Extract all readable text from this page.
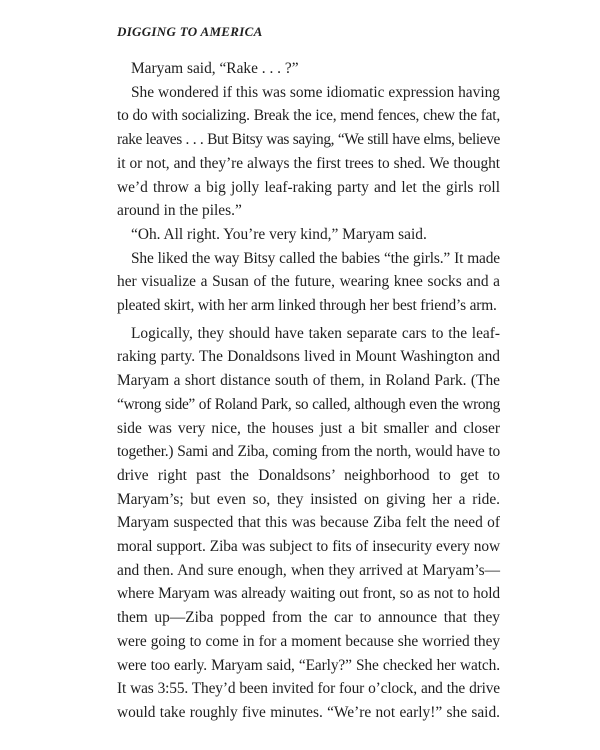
DIGGING TO AMERICA

Maryam said, “Rake . . . ?”

She wondered if this was some idiomatic expression having
to do with socializing. Break the ice, mend fences, chew the fat,
rake leaves . . . But Bitsy was saying, “We still have elms, believe
it or not, and they’re always the first trees to shed. We thought
we’d throw a big jolly leaf-raking party and let the girls roll
around in the piles.”

“Oh. All right. You’re very kind,” Maryam said.

She liked the way Bitsy called the babies “the girls.” It made
her visualize a Susan of the future, wearing knee socks and a
pleated skirt, with her arm linked through her best friend’s arm.

Logically, they should have taken separate cars to the leaf-
raking party. The Donaldsons lived in Mount Washington and
Maryam a short distance south of them, in Roland Park. (The
“wrong side” of Roland Park, so called, although even the wrong
side was very nice, the houses just a bit smaller and closer
together.) Sami and Ziba, coming from the north, would have to
drive right past the Donaldsons’ neighborhood to get to
Maryam’s; but even so, they insisted on giving her a ride.
Maryam suspected that this was because Ziba felt the need of
moral support. Ziba was subject to fits of insecurity every now
and then. And sure enough, when they arrived at Maryam’s—
where Maryam was already waiting out front, so as not to hold
them up—Ziba popped from the car to announce that they
were going to come in for a moment because she worried they
were too early. Maryam said, “Early?” She checked her watch.
It was 3:55. They’d been invited for four o’clock, and the drive
would take roughly five minutes. “We’re not early!” she said.
